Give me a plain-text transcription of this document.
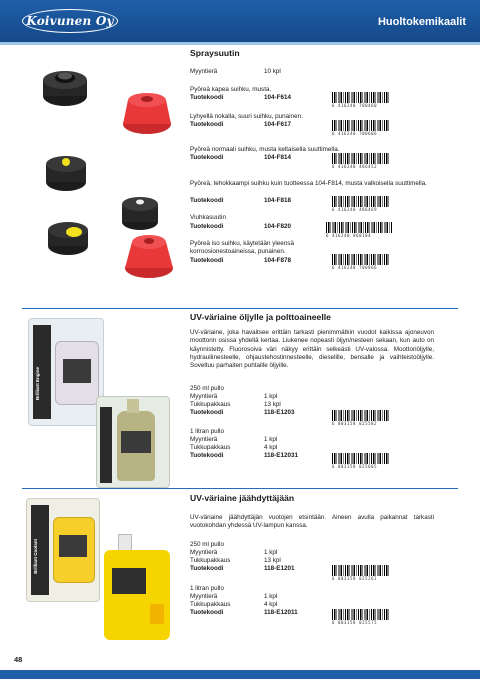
Koivunen Oy	Huoltokemikaalit
Spraysuutin
Myyntierä	10 kpl
Pyöreä kapea suihku, musta.
Tuotekoodi	104-F614
6 416240 700460
Lyhyellä nokalla, suuri suihku, punainen.
Tuotekoodi	104-F617
6 416240 700606
Pyöreä normaali suihku, musta keltaisella suuttimella.
Tuotekoodi	104-F814
6 416240 486452
Pyöreä, tehokkaampi suihku kuin tuotteessa 104-F814, musta valkoisella suuttimella.
Tuotekoodi	104-F818
6 416240 486469
Viuhkasuutin
Tuotekoodi	104-F820
6 416240 860184
Pyöreä iso suihku, käytetään yleensä korroosionestoaineissa, punainen.
Tuotekoodi	104-F878
6 416240 700866
UV-väriaine öljylle ja polttoaineelle
Brilliant Engine
UV-väriaine, joka havaitsee erittäin tarkasti pienimmätkin vuodot kaikissa ajoneuvon moottorin osissa yhdellä kertaa. Liukenee nopeasti öljyn/nesteen sekaan, kun auto on käynnistetty. Fluorosoiva väri näkyy erittäin selkeästi UV-valossa. Moottoriöljylle, hydrauliinesteelle, ohjaustehostinnesteelle, dieselille, bensalle ja vaihteistoöljylle. Soveltuu parhaiten puhtaille öljyille.
250 ml pullo
Myyntierä	1 kpl
Tukkupakkaus	13 kpl
Tuotekoodi	118-E1203
6 003158 025582
1 litran pullo
Myyntierä	1 kpl
Tukkupakkaus	4 kpl
Tuotekoodi	118-E12031
6 003158 025605
UV-väriaine jäähdyttäjään
Brilliant Coolant
UV-väriaine jäähdyttäjän vuotojen etsintään. Aineen avulla paikannat tarkasti vuotokohdan yhdessä UV-lampun kanssa.
250 ml pullo
Myyntierä	1 kpl
Tukkupakkaus	13 kpl
Tuotekoodi	118-E1201
6 003158 025261
1 litran pullo
Myyntierä	1 kpl
Tukkupakkaus	4 kpl
Tuotekoodi	118-E12011
6 003158 025575
48
